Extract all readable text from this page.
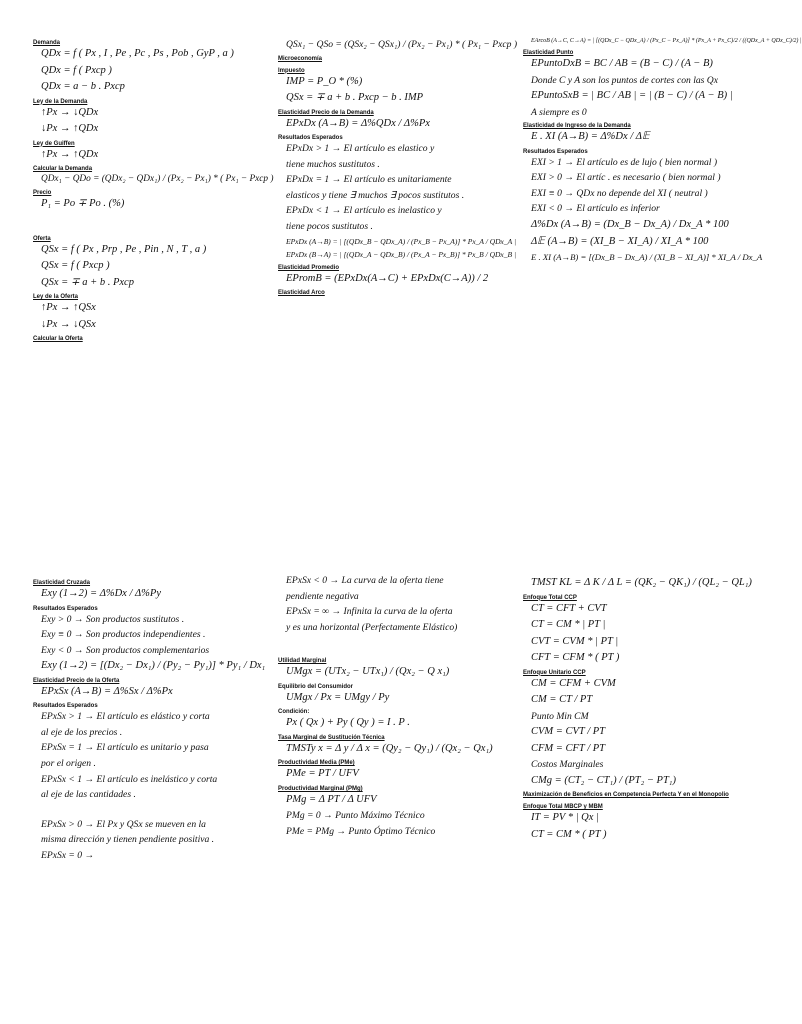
Demanda
QDx = f ( Px , I , Pe , Pc , Ps , Pob , GyP , a )
QDx = f ( Pxcp )
QDx = a − b . Pxcp
Ley de la Demanda
↑Px → ↓QDx
↓Px → ↑QDx
Ley de Guiffen
↑Px → ↑QDx
Calcular la Demanda
QDx₁ − QDo = (QDx₂ − QDx₁) / (Px₂ − Px₁) * ( Px₁ − Pxcp )
Precio
P₁ = Po ∓ Po . (%)
Oferta
QSx = f ( Px , Prp , Pe , Pin , N , T , a )
QSx = f ( Pxcp )
QSx = ∓ a + b . Pxcp
Ley de la Oferta
↑Px → ↑QSx
↓Px → ↓QSx
Calcular la Oferta
QSx₁ − QSo = (QSx₂ − QSx₁) / (Px₂ − Px₁) * ( Px₁ − Pxcp )
Microeconomía
Impuesto
IMP = P_O * (%)
QSx = ∓ a + b . Pxcp − b . IMP
Elasticidad Precio de la Demanda
EPxDx (A→B) = Δ%QDx / Δ%Px
Resultados Esperados
EPxDx > 1 → El artículo es elastico y
tiene muchos sustitutos .
EPxDx = 1 → El artículo es unitariamente
elasticos y tiene ∃ muchos ∃ pocos sustitutos .
EPxDx < 1 → El artículo es inelastico y
tiene pocos sustitutos .
EPxDx (A→B) = | [(QDx_B − QDx_A) / (Px_B − Px_A)] * Px_A / QDx_A |
EPxDx (B→A) = | [(QDx_A − QDx_B) / (Px_A − Px_B)] * Px_B / QDx_B |
Elasticidad Promedio
EPromB = (EPxDx(A→C) + EPxDx(C→A)) / 2
Elasticidad Arco
EArcoB (A→C, C→A) = | [(QDx_C − QDx_A) / (Px_C − Px_A)] * (Px_A + Px_C)/2 / ((QDx_A + QDx_C)/2) |
Elasticidad Punto
EPuntoDxB = BC / AB = (B − C) / (A − B)
Donde C y A son los puntos de cortes con las Qx
EPuntoSxB = | BC / AB | = | (B − C) / (A − B) |
A siempre es 0
Elasticidad de Ingreso de la Demanda
E . XI (A→B) = Δ%Dx / Δ𝔼
Resultados Esperados
EXI > 1 → El artículo es de lujo ( bien normal )
EXI > 0 → El artíc . es necesario ( bien normal )
EXI ≡ 0 → QDx no depende del XI ( neutral )
EXI < 0 → El artículo es inferior
Δ%Dx (A→B) = (Dx_B − Dx_A) / Dx_A * 100
Δ𝔼 (A→B) = (XI_B − XI_A) / XI_A * 100
E . XI (A→B) = [(Dx_B − Dx_A) / (XI_B − XI_A)] * XI_A / Dx_A
Elasticidad Cruzada
Exy (1→2) = Δ%Dx / Δ%Py
Resultados Esperados
Exy > 0 → Son productos sustitutos .
Exy ≡ 0 → Son productos independientes .
Exy < 0 → Son productos complementarios
Exy (1→2) = [(Dx₂ − Dx₁) / (Py₂ − Py₁)] * Py₁ / Dx₁
Elasticidad Precio de la Oferta
EPxSx (A→B) = Δ%Sx / Δ%Px
Resultados Esperados
EPxSx > 1 → El artículo es elástico y corta
al eje de los precios .
EPxSx = 1 → El artículo es unitario y pasa
por el origen .
EPxSx < 1 → El artículo es inelástico y corta
al eje de las cantidades .
EPxSx > 0 → El Px y QSx se mueven en la
misma dirección y tienen pendiente positiva .
EPxSx = 0 →
EPxSx < 0 → La curva de la oferta tiene
pendiente negativa
EPxSx = ∞ → Infinita la curva de la oferta
y es una horizontal (Perfectamente Elástico)
Utilidad Marginal
UMgx = (UTx₂ − UTx₁) / (Qx₂ − Q x₁)
Equilibrio del Consumidor
UMgx / Px = UMgy / Py
Condición:
Px ( Qx ) + Py ( Qy ) = I . P .
Tasa Marginal de Sustitución Técnica
TMSTy x = Δ y / Δ x = (Qy₂ − Qy₁) / (Qx₂ − Qx₁)
Productividad Media (PMe)
PMe = PT / UFV
Productividad Marginal (PMg)
PMg = Δ PT / Δ UFV
PMg = 0 → Punto Máximo Técnico
PMe = PMg → Punto Óptimo Técnico
TMST KL = Δ K / Δ L = (QK₂ − QK₁) / (QL₂ − QL₁)
Enfoque Total CCP
CT = CFT + CVT
CT = CM * | PT |
CVT = CVM * | PT |
CFT = CFM * ( PT )
Enfoque Unitario CCP
CM = CFM + CVM
CM = CT / PT
Punto Min CM
CVM = CVT / PT
CFM = CFT / PT
Costos Marginales
CMg = (CT₂ − CT₁) / (PT₂ − PT₁)
Maximización de Beneficios en Competencia Perfecta Y en el Monopolio
Enfoque Total MBCP y MBM
IT = PV * | Qx |
CT = CM * ( PT )
